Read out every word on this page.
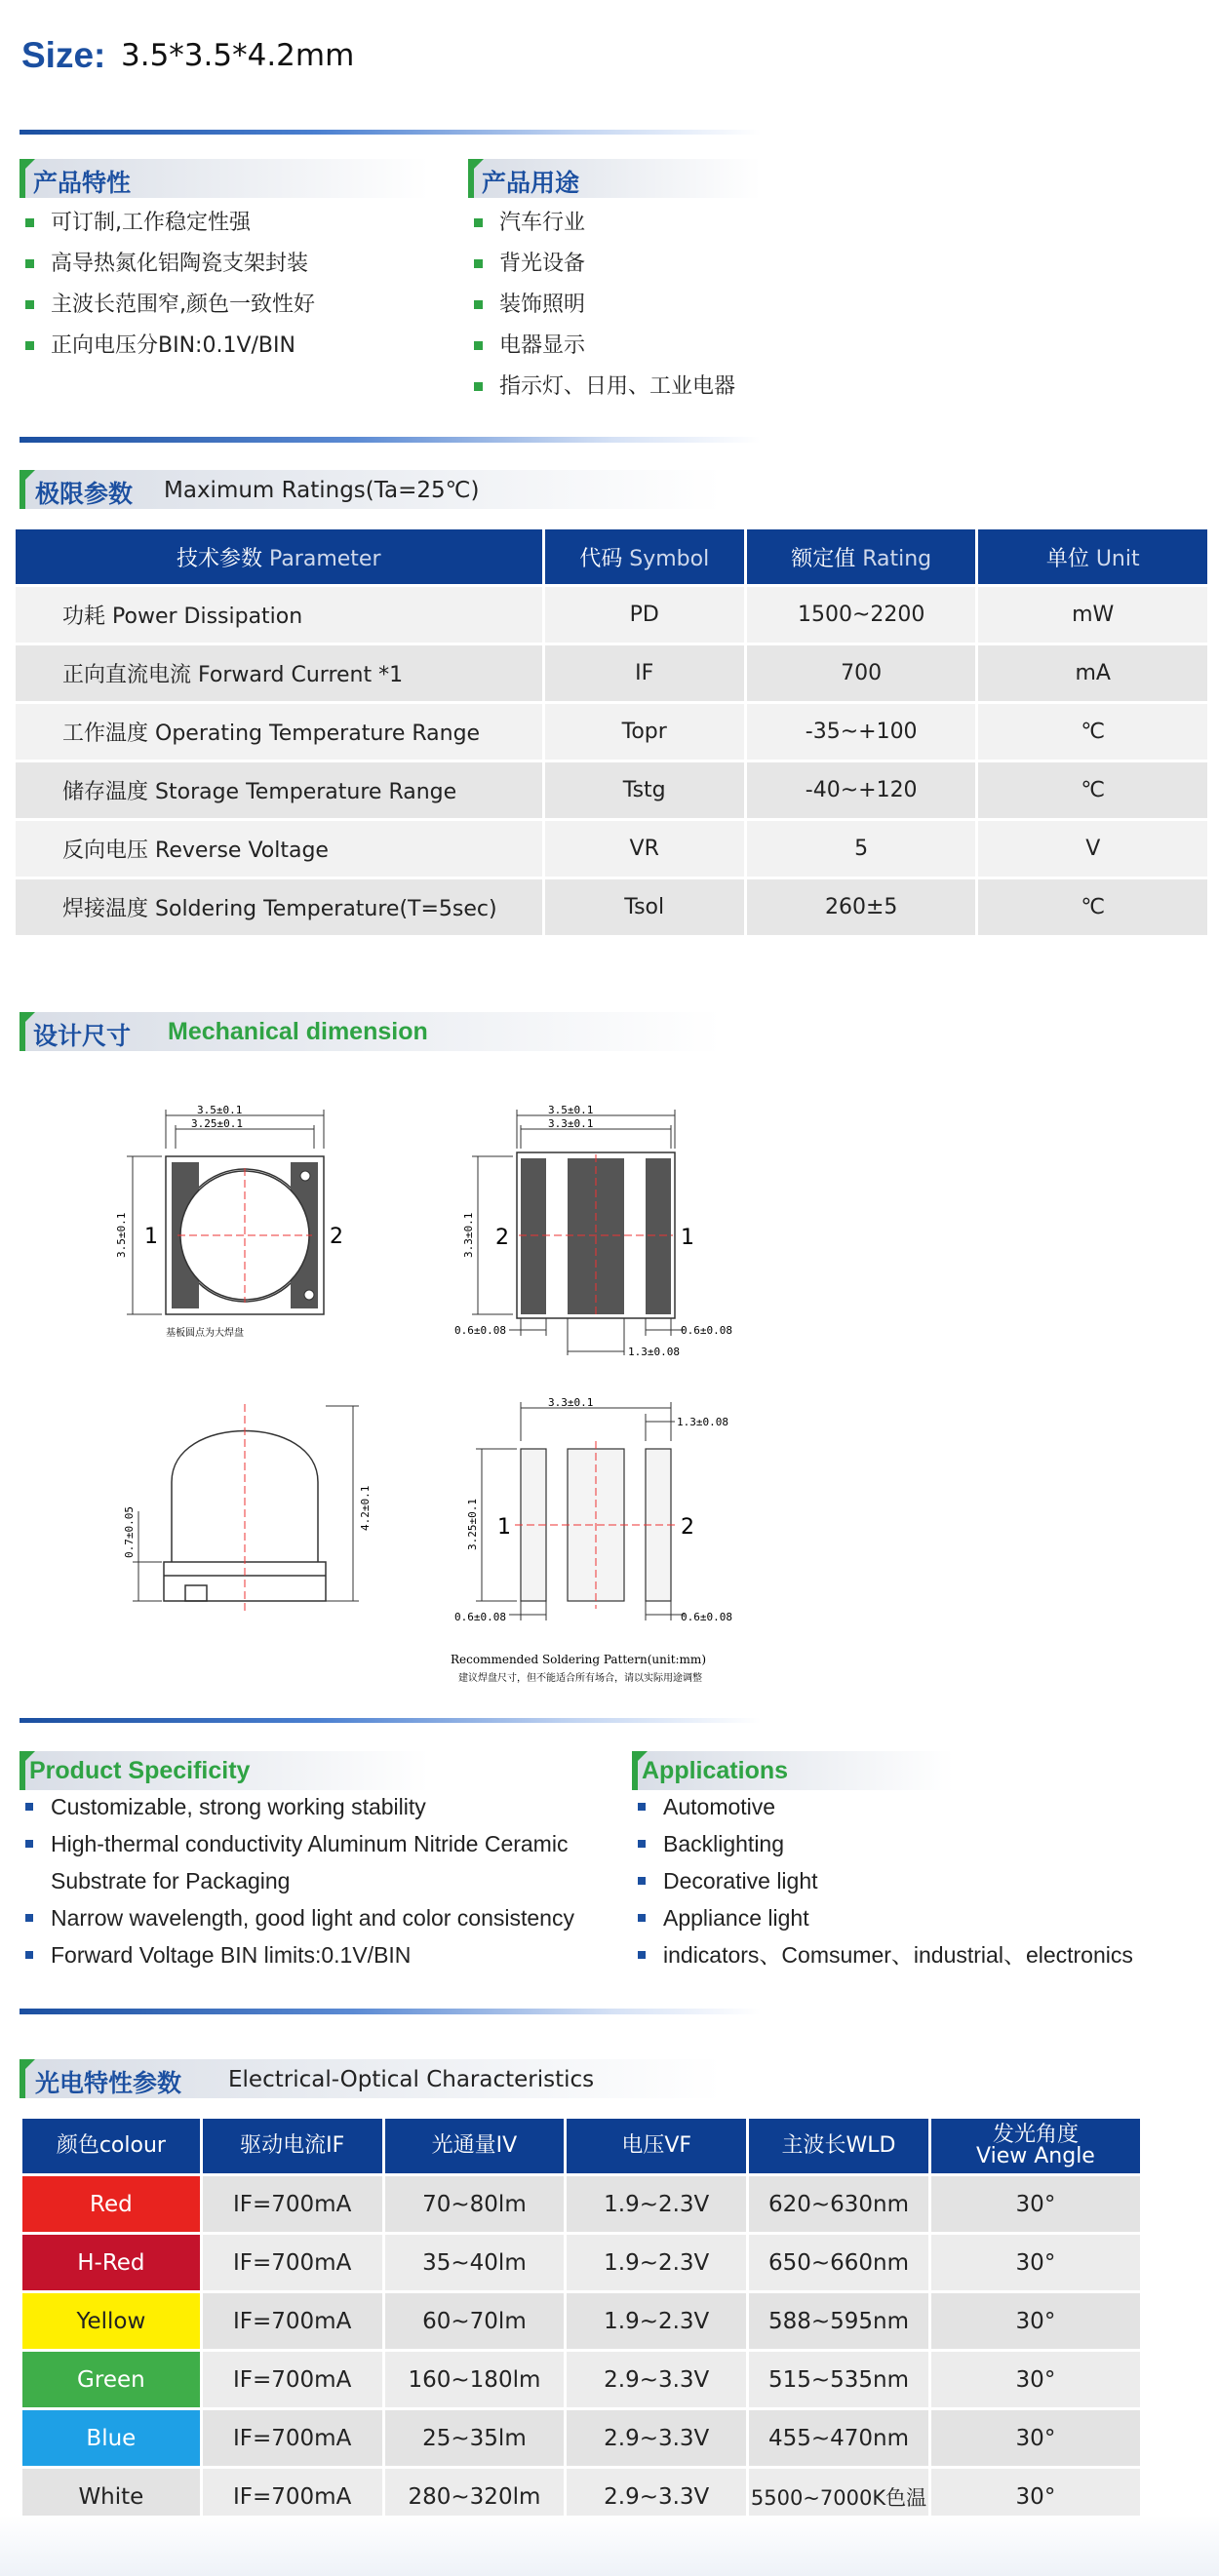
Size: 3.5*3.5*4.2mm
产品特性
可订制,工作稳定性强
高导热氮化铝陶瓷支架封装
主波长范围窄,颜色一致性好
正向电压分BIN:0.1V/BIN
产品用途
汽车行业
背光设备
装饰照明
电器显示
指示灯、日用、工业电器
极限参数 Maximum Ratings(Ta=25℃)
技术参数 Parameter	代码 Symbol	额定值 Rating	单位 Unit
功耗 Power Dissipation	PD	1500~2200	mW
正向直流电流 Forward Current *1	IF	700	mA
工作温度 Operating Temperature Range	Topr	-35~+100	℃
储存温度 Storage Temperature Range	Tstg	-40~+120	℃
反向电压 Reverse Voltage	VR	5	V
焊接温度 Soldering Temperature(T=5sec)	Tsol	260±5	℃
设计尺寸 Mechanical dimension
3.5±0.1
3.25±0.1
3.5±0.1 1	2
基板圆点为大焊盘
3.5±0.1
3.3±0.1
3.3±0.1 2	1
0.6±0.08	0.6±0.08
1.3±0.08
4.2±0.1
0.7±0.05
3.3±0.1
1.3±0.08
3.25±0.1 1	2
0.6±0.08	0.6±0.08
Recommended Soldering Pattern(unit:mm)
建议焊盘尺寸，但不能适合所有场合，请以实际用途调整
Product Specificity
Customizable, strong working stability
High-thermal conductivity Aluminum Nitride Ceramic
Substrate for Packaging
Narrow wavelength, good light and color consistency
Forward Voltage BIN limits:0.1V/BIN
Applications
Automotive
Backlighting
Decorative light
Appliance light
indicators、Comsumer、industrial、electronics
光电特性参数 Electrical-Optical Characteristics
颜色colour	驱动电流IF	光通量IV	电压VF	主波长WLD	发光角度
View Angle

Red	IF=700mA	70~80lm	1.9~2.3V	620~630nm	30°
H-Red	IF=700mA	35~40lm	1.9~2.3V	650~660nm	30°
Yellow	IF=700mA	60~70lm	1.9~2.3V	588~595nm	30°
Green	IF=700mA	160~180lm	2.9~3.3V	515~535nm	30°
Blue	IF=700mA	25~35lm	2.9~3.3V	455~470nm	30°
White	IF=700mA	280~320lm	2.9~3.3V	5500~7000K色温	30°
